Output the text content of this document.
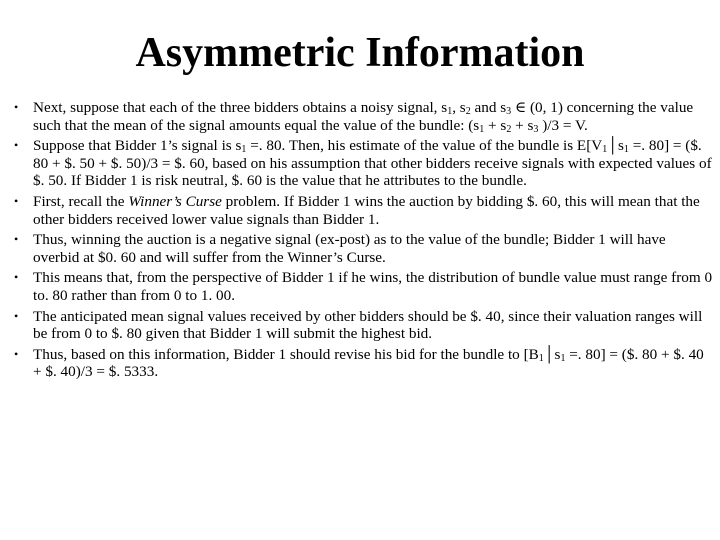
Asymmetric Information
• Next, suppose that each of the three bidders obtains a noisy signal, $s_1$, $s_2$ and $s_3$ ∈ (0, 1) concerning the value such that the mean of the signal amounts equal the value of the bundle: ($s_1 + s_2 + s_3$ )/3 = V.
• Suppose that Bidder 1’s signal is $s_1$ =. 80. Then, his estimate of the value of the bundle is $E[V_1│s_1$ =. 80] = ($. 80 + $. 50 + $. 50)/3 = $. 60, based on his assumption that other bidders receive signals with expected values of $. 50. If Bidder 1 is risk neutral, $. 60 is the value that he attributes to the bundle.
• First, recall the Winner’s Curse problem. If Bidder 1 wins the auction by bidding $. 60, this will mean that the other bidders received lower value signals than Bidder 1.
• Thus, winning the auction is a negative signal (ex-post) as to the value of the bundle; Bidder 1 will have overbid at $0. 60 and will suffer from the Winner’s Curse.
• This means that, from the perspective of Bidder 1 if he wins, the distribution of bundle value must range from 0 to. 80 rather than from 0 to 1. 00.
• The anticipated mean signal values received by other bidders should be $. 40, since their valuation ranges will be from 0 to $. 80 given that Bidder 1 will submit the highest bid.
• Thus, based on this information, Bidder 1 should revise his bid for the bundle to [$B_1│s_1$ =. 80] = ($. 80 + $. 40 + $. 40)/3 = $. 5333.
